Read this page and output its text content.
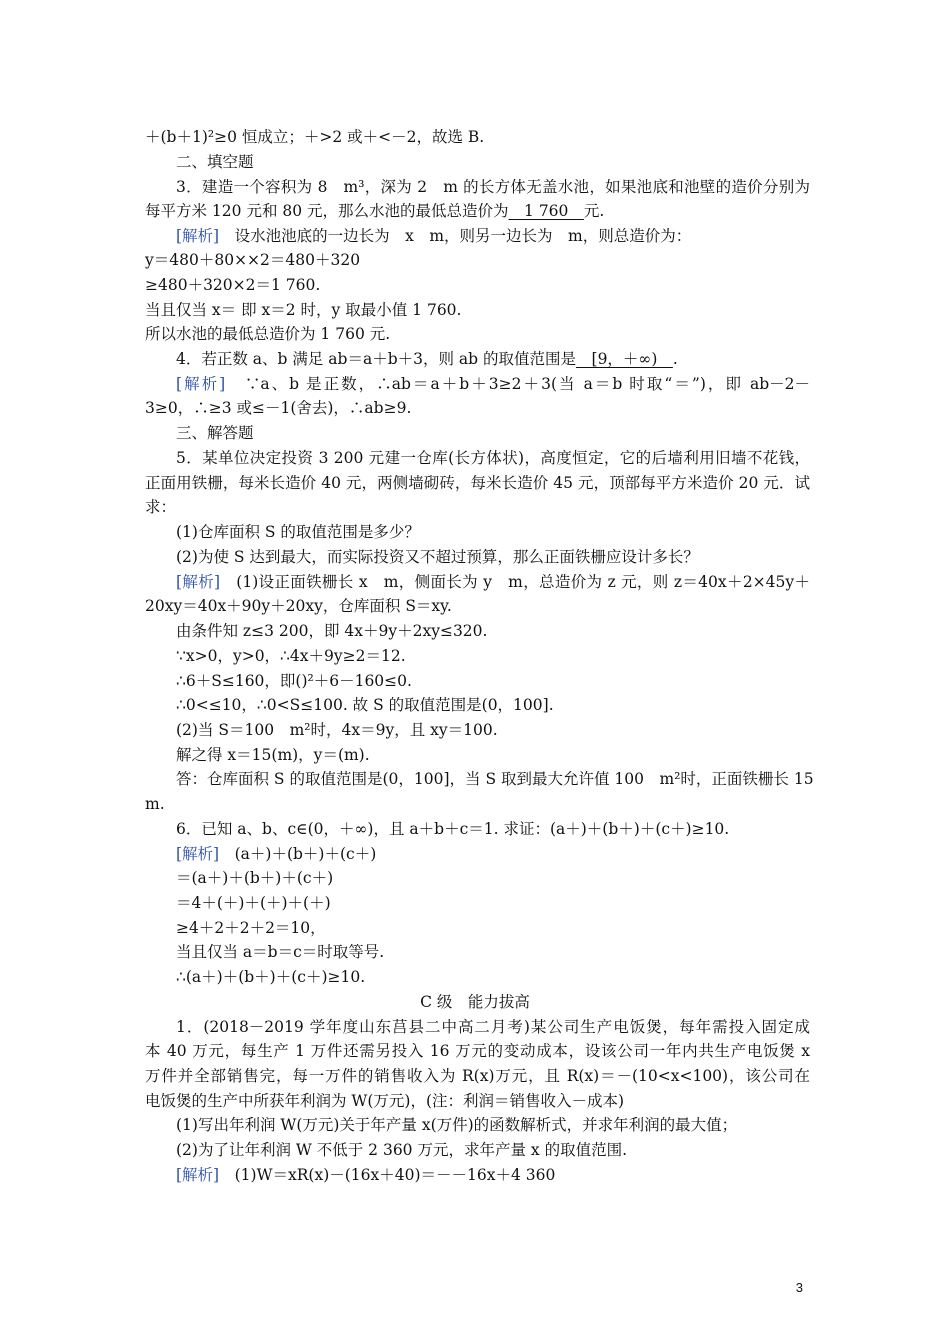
＋(b＋1)²≥0 恒成立；＋>2 或＋<－2，故选 B.
二、填空题
3．建造一个容积为 8　m³，深为 2　m 的长方体无盖水池，如果池底和池壁的造价分别为
每平方米 120 元和 80 元，那么水池的最低总造价为　1 760　元.
[解析]　设水池池底的一边长为　x　m，则另一边长为　m，则总造价为：
y＝480＋80××2＝480＋320
≥480＋320×2＝1 760.
当且仅当 x＝ 即 x＝2 时，y 取最小值 1 760.
所以水池的最低总造价为 1 760 元.
4．若正数 a、b 满足 ab＝a＋b＋3，则 ab 的取值范围是　[9，＋∞)　.
[解析]　∵a、b 是正数，∴ab＝a＋b＋3≥2＋3(当 a＝b 时取“＝”)，即 ab－2－
3≥0，∴≥3 或≤－1(舍去)，∴ab≥9.
三、解答题
5．某单位决定投资 3 200 元建一仓库(长方体状)，高度恒定，它的后墙利用旧墙不花钱，
正面用铁栅，每米长造价 40 元，两侧墙砌砖，每米长造价 45 元，顶部每平方米造价 20 元．试
求：
(1)仓库面积 S 的取值范围是多少？
(2)为使 S 达到最大，而实际投资又不超过预算，那么正面铁栅应设计多长？
[解析]　(1)设正面铁栅长 x　m，侧面长为 y　m，总造价为 z 元，则 z＝40x＋2×45y＋
20xy＝40x＋90y＋20xy，仓库面积 S＝xy.
由条件知 z≤3 200，即 4x＋9y＋2xy≤320.
∵x>0，y>0，∴4x＋9y≥2＝12.
∴6＋S≤160，即()²＋6－160≤0.
∴0<≤10，∴0<S≤100. 故 S 的取值范围是(0，100].
(2)当 S＝100　m²时，4x＝9y，且 xy＝100.
解之得 x＝15(m)，y＝(m).
答：仓库面积 S 的取值范围是(0，100]，当 S 取到最大允许值 100　m²时，正面铁栅长 15
m.
6．已知 a、b、c∈(0，＋∞)，且 a＋b＋c＝1. 求证：(a＋)＋(b＋)＋(c＋)≥10.
[解析]　(a＋)＋(b＋)＋(c＋)
＝(a＋)＋(b＋)＋(c＋)
＝4＋(＋)＋(＋)＋(＋)
≥4＋2＋2＋2＝10，
当且仅当 a＝b＝c＝时取等号.
∴(a＋)＋(b＋)＋(c＋)≥10.
C 级　能力拔高
1．(2018－2019 学年度山东莒县二中高二月考)某公司生产电饭煲，每年需投入固定成
本 40 万元，每生产 1 万件还需另投入 16 万元的变动成本，设该公司一年内共生产电饭煲 x
万件并全部销售完，每一万件的销售收入为 R(x)万元，且 R(x)＝－(10<x<100)，该公司在
电饭煲的生产中所获年利润为 W(万元)，(注：利润＝销售收入－成本)
(1)写出年利润 W(万元)关于年产量 x(万件)的函数解析式，并求年利润的最大值；
(2)为了让年利润 W 不低于 2 360 万元，求年产量 x 的取值范围.
[解析]　(1)W＝xR(x)－(16x＋40)＝－－16x＋4 360
3
